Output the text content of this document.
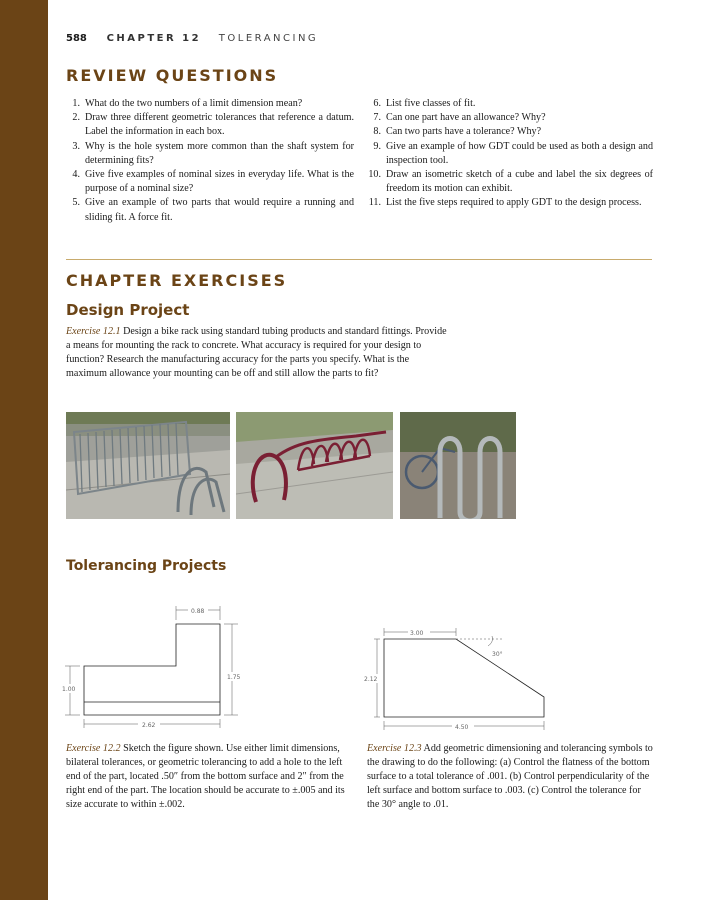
588 CHAPTER 12 TOLERANCING
REVIEW QUESTIONS
1. What do the two numbers of a limit dimension mean?
2. Draw three different geometric tolerances that reference a datum. Label the information in each box.
3. Why is the hole system more common than the shaft system for determining fits?
4. Give five examples of nominal sizes in everyday life. What is the purpose of a nominal size?
5. Give an example of two parts that would require a running and sliding fit. A force fit.
6. List five classes of fit.
7. Can one part have an allowance? Why?
8. Can two parts have a tolerance? Why?
9. Give an example of how GDT could be used as both a design and inspection tool.
10. Draw an isometric sketch of a cube and label the six degrees of freedom its motion can exhibit.
11. List the five steps required to apply GDT to the design process.
CHAPTER EXERCISES
Design Project
Exercise 12.1 Design a bike rack using standard tubing products and standard fittings. Provide a means for mounting the rack to concrete. What accuracy is required for your design to function? Research the manufacturing accuracy for the parts you specify. What is the maximum allowance your mounting can be off and still allow the parts to fit?
Tolerancing Projects
0.88
1.75
1.00
2.62
3.00
30°
2.12
4.50
Exercise 12.2 Sketch the figure shown. Use either limit dimensions, bilateral tolerances, or geometric tolerancing to add a hole to the left end of the part, located .50″ from the bottom surface and 2″ from the right end of the part. The location should be accurate to ±.005 and its size accurate to within ±.002.
Exercise 12.3 Add geometric dimensioning and tolerancing symbols to the drawing to do the following: (a) Control the flatness of the bottom surface to a total tolerance of .001. (b) Control perpendicularity of the left surface and bottom surface to .003. (c) Control the tolerance for the 30° angle to .01.
